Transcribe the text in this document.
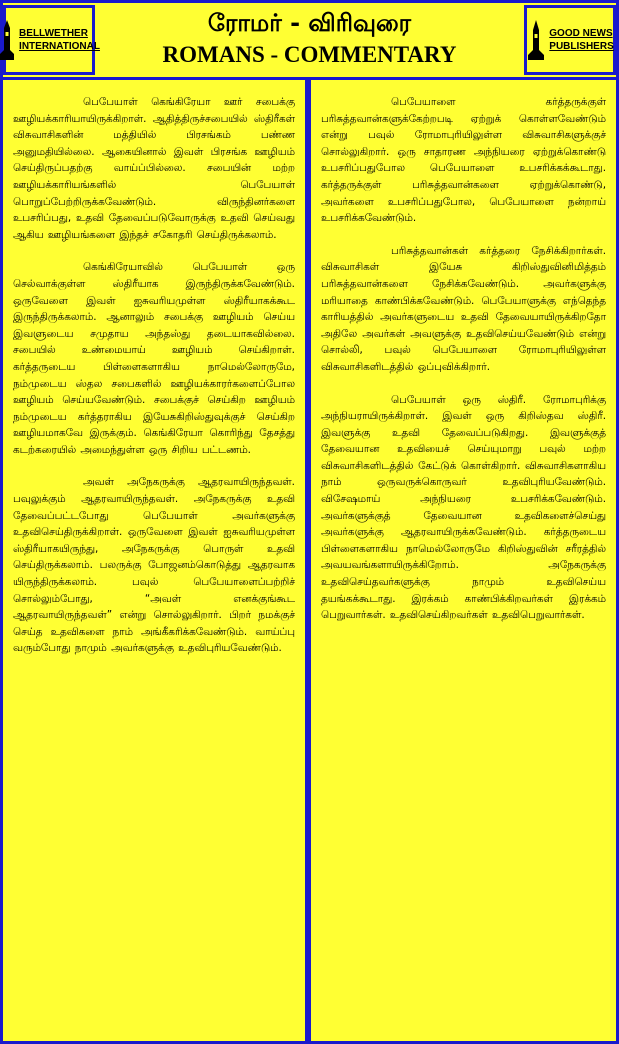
BELLWETHER
INTERNATIONAL
ரோமர் - விரிவுரை
ROMANS - COMMENTARY
GOOD NEWS
PUBLISHERS

பெபேயாள் கெங்கிரேயா ஊர் சபைக்கு ஊழியக்காரியாயிருக்கிறாள். ஆதித்திருச்சபையில் ஸ்திரீகள் விசுவாசிகளின் மத்தியில் பிரசங்கம் பண்ண அனுமதியில்லை. ஆகையினால் இவள் பிரசங்க ஊழியம் செய்திருப்பதற்கு வாய்ப்பில்லை. சபையின் மற்ற ஊழியக்காரியங்களில் பெபேயாள் பொறுப்பேற்றிருக்கவேண்டும். விருந்தினர்களை உபசரிப்பது, உதவி தேவைப்படுவோருக்கு உதவி செய்வது ஆகிய ஊழியங்களை இந்தச் சகோதரி செய்திருக்கலாம்.

கெங்கிரேயாவில் பெபேயாள் ஒரு செல்வாக்குள்ள ஸ்திரீயாக இருந்திருக்கவேண்டும். ஒருவேளை இவள் ஐசுவரியமுள்ள ஸ்திரீயாகக்கூட இருந்திருக்கலாம். ஆனாலும் சபைக்கு ஊழியம் செய்ய இவளுடைய சமுதாய அந்தஸ்து தடையாகவில்லை. சபையில் உண்மையாய் ஊழியம் செய்கிறாள். கர்த்தருடைய பிள்ளைகளாகிய நாமெல்லோருமே, நம்முடைய ஸ்தல சபைகளில் ஊழியக்காரர்களைப்போல ஊழியம் செய்யவேண்டும். சபைக்குச் செய்கிற ஊழியம் நம்முடைய கர்த்தராகிய இயேசுகிறிஸ்துவுக்குச் செய்கிற ஊழியமாகவே இருக்கும். கெங்கிரேயா கொரிந்து தேசத்து கடற்கரையில் அமைந்துள்ள ஒரு சிறிய பட்டணம்.

அவள் அநேகருக்கு ஆதரவாயிருந்தவள். பவுலுக்கும் ஆதரவாயிருந்தவள். அநேகருக்கு உதவி தேவைப்பட்டபோது பெபேயாள் அவர்களுக்கு உதவிசெய்திருக்கிறாள். ஒருவேளை இவள் ஐசுவரியமுள்ள ஸ்திரீயாகயிருந்து, அநேகருக்கு பொருள் உதவி செய்திருக்கலாம். பலருக்கு போஜனம்கொடுத்து ஆதரவாக யிருந்திருக்கலாம். பவுல் பெபேயாளைப்பற்றிச் சொல்லும்போது, “அவள் எனக்குங்கூட ஆதரவாயிருந்தவள்” என்று சொல்லுகிறார். பிறர் நமக்குச் செய்த உதவிகளை நாம் அங்கீகரிக்கவேண்டும். வாய்ப்பு வரும்போது நாமும் அவர்களுக்கு உதவிபுரியவேண்டும்.

பெபேயாளை கர்த்தருக்குள் பரிசுத்தவான்களுக்கேற்றபடி ஏற்றுக் கொள்ளவேண்டும் என்று பவுல் ரோமாபுரியிலுள்ள விசுவாசிகளுக்குச் சொல்லுகிறார். ஒரு சாதாரண அந்நியரை ஏற்றுக்கொண்டு உபசரிப்பதுபோல பெபேயாளை உபசரிக்கக்கூடாது. கர்த்தருக்குள் பரிசுத்தவான்களை ஏற்றுக்கொண்டு, அவர்களை உபசரிப்பதுபோல, பெபேயாளை நன்றாய் உபசரிக்கவேண்டும்.

பரிசுத்தவான்கள் கர்த்தரை நேசிக்கிறார்கள். விசுவாசிகள் இயேசு கிறிஸ்துவினிமித்தம் பரிசுத்தவான்களை நேசிக்கவேண்டும். அவர்களுக்கு மரியாதை காண்பிக்கவேண்டும். பெபேயாளுக்கு எந்தெந்த காரியத்தில் அவர்களுடைய உதவி தேவையாயிருக்கிறதோ அதிலே அவர்கள் அவளுக்கு உதவிசெய்யவேண்டும் என்று சொல்லி, பவுல் பெபேயாளை ரோமாபுரியிலுள்ள விசுவாசிகளிடத்தில் ஒப்புவிக்கிறார்.

பெபேயாள் ஒரு ஸ்திரீ. ரோமாபுரிக்கு அந்நியராயிருக்கிறாள். இவள் ஒரு கிறிஸ்தவ ஸ்திரீ. இவளுக்கு உதவி தேவைப்படுகிறது. இவளுக்குத் தேவையான உதவியைச் செய்யுமாறு பவுல் மற்ற விசுவாசிகளிடத்தில் கேட்டுக் கொள்கிறார். விசுவாசிகளாகிய நாம் ஒருவருக்கொருவர் உதவிபுரியவேண்டும். விசேஷமாய் அந்நியரை உபசரிக்கவேண்டும். அவர்களுக்குத் தேவையான உதவிகளைச்செய்து அவர்களுக்கு ஆதரவாயிருக்கவேண்டும். கர்த்தருடைய பிள்ளைகளாகிய நாமெல்லோருமே கிறிஸ்துவின் சரீரத்தில் அவயவங்களாயிருக்கிறோம். அநேகருக்கு உதவிசெய்தவர்களுக்கு நாமும் உதவிசெய்ய தயங்கக்கூடாது. இரக்கம் காண்பிக்கிறவர்கள் இரக்கம் பெறுவார்கள். உதவிசெய்கிறவர்கள் உதவிபெறுவார்கள்.
